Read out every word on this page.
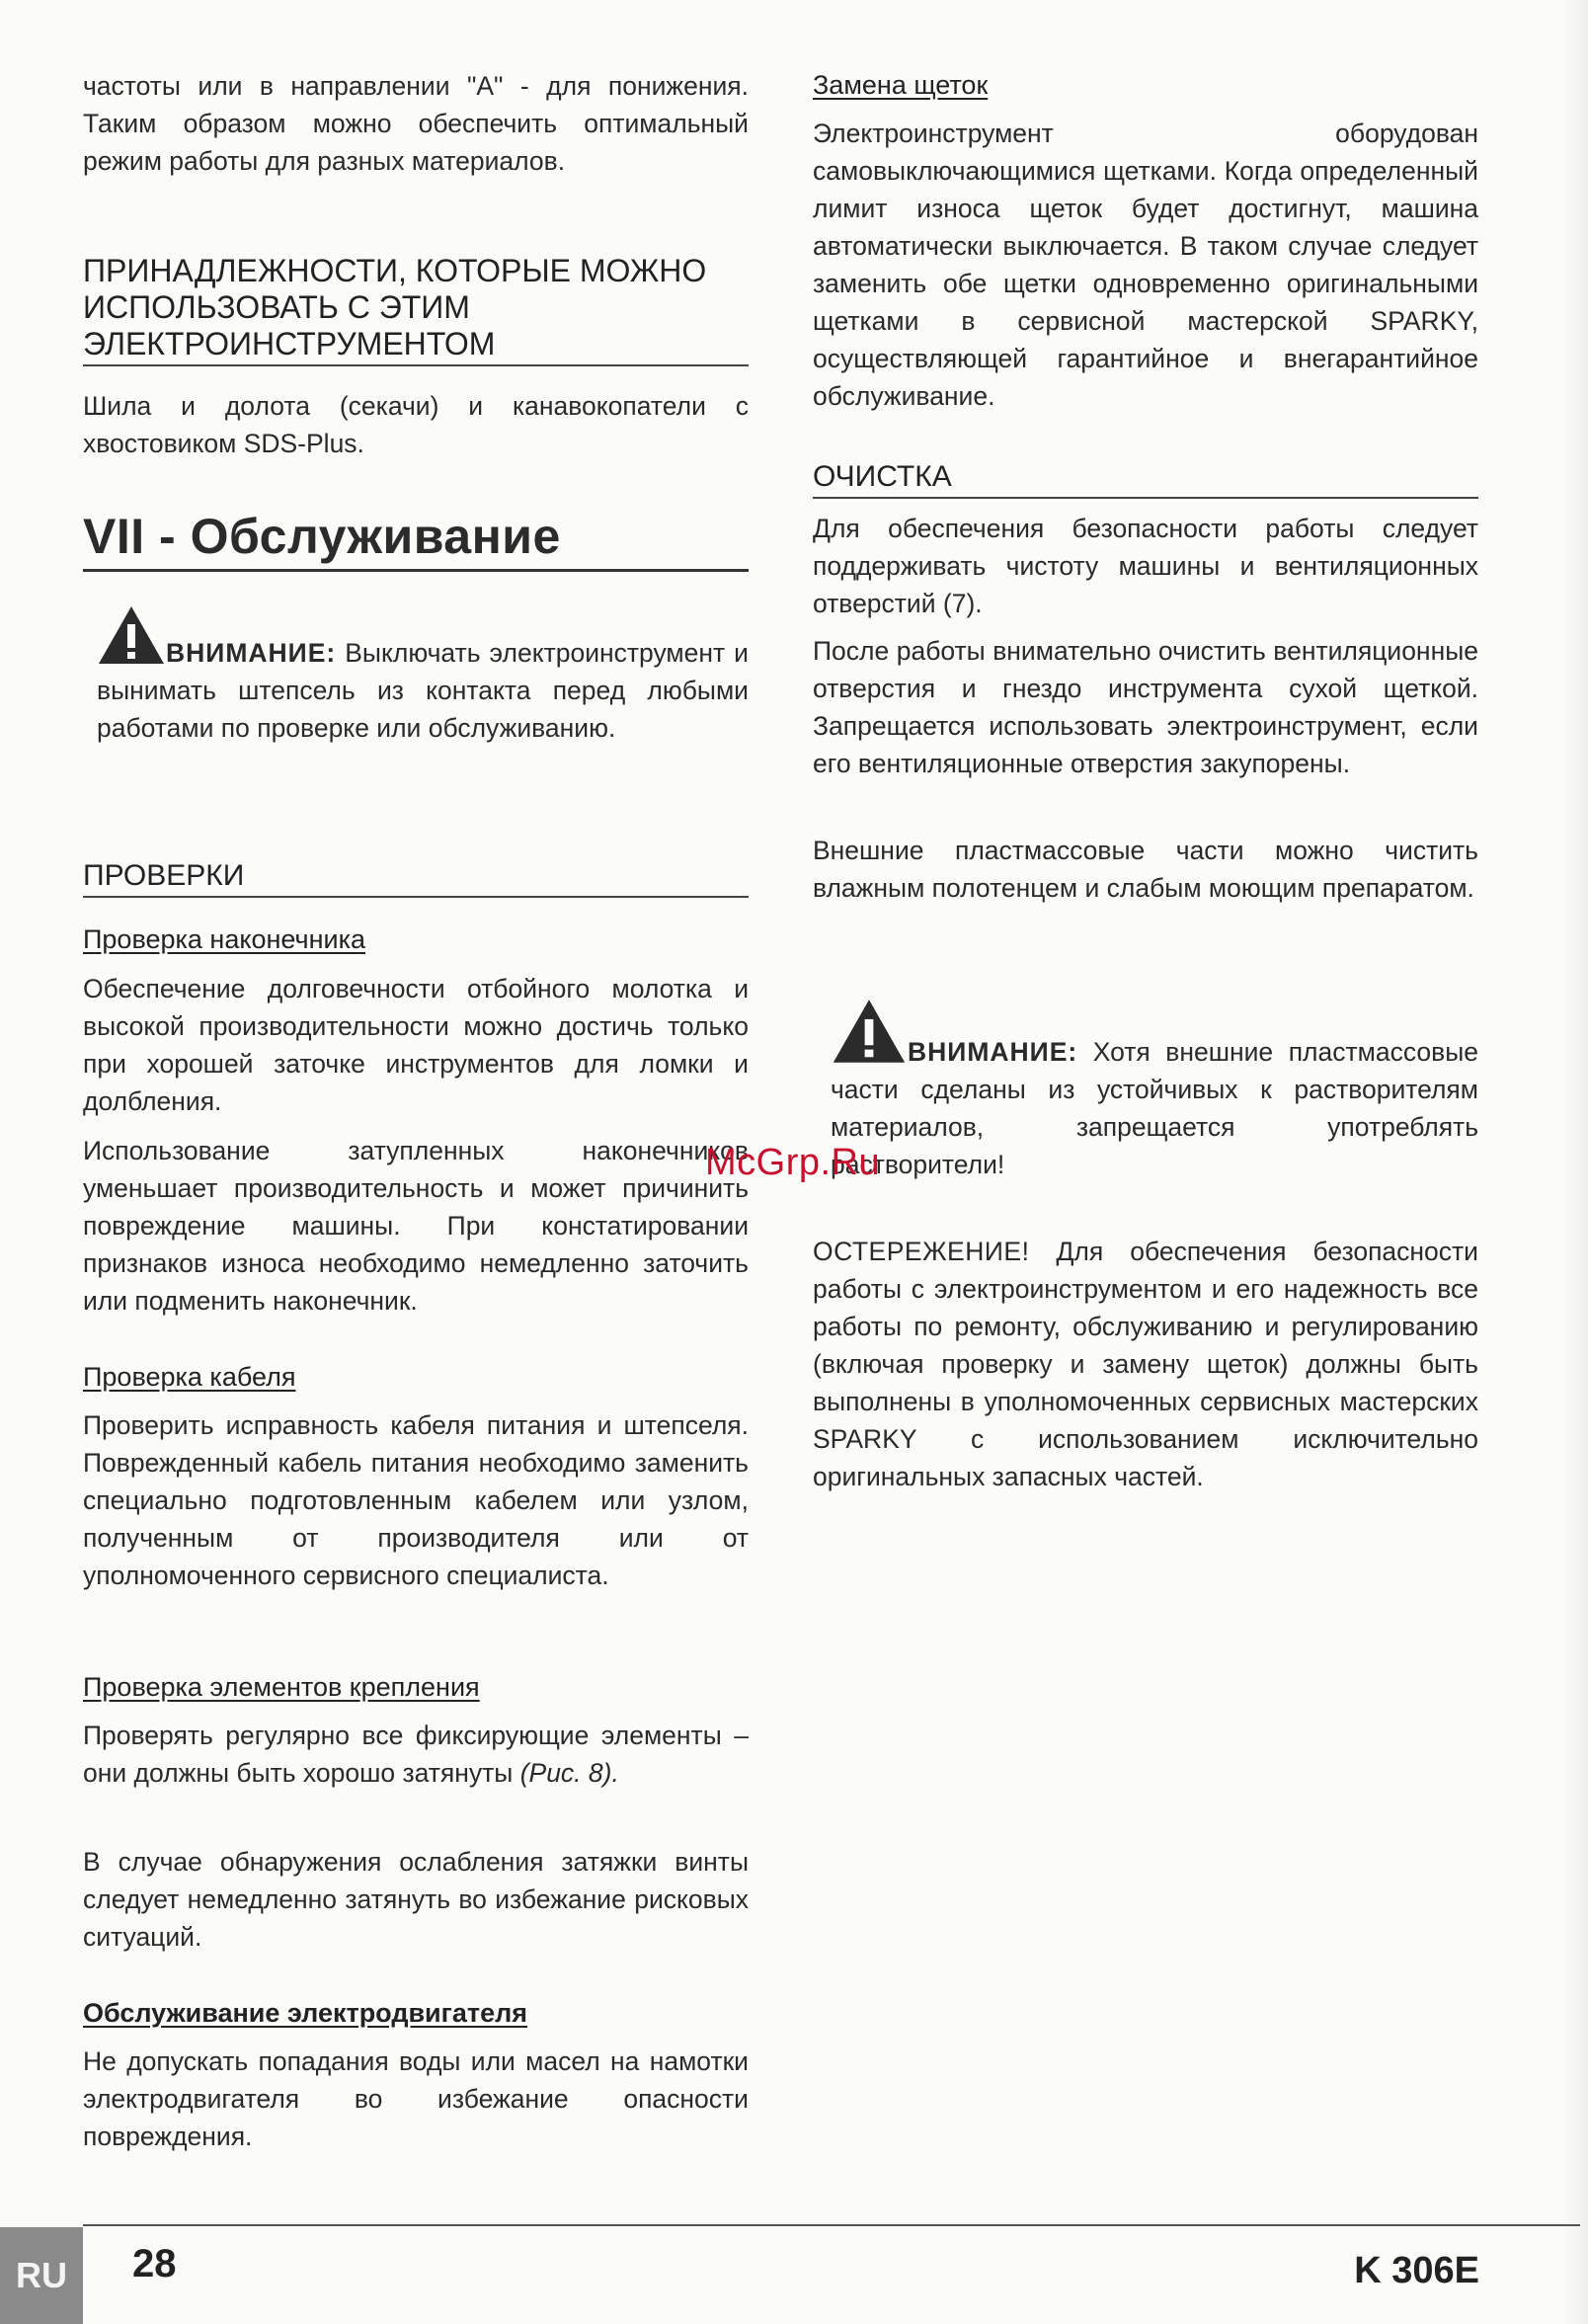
частоты или в направлении "А" - для понижения. Таким образом можно обеспечить оптимальный режим работы для разных материалов.

ПРИНАДЛЕЖНОСТИ, КОТОРЫЕ МОЖНО ИСПОЛЬЗОВАТЬ С ЭТИМ ЭЛЕКТРОИНСТРУМЕНТОМ

Шила и долота (секачи) и канавокопатели с хвостовиком SDS-Plus.

VII - Обслуживание

ВНИМАНИЕ: Выключать электроинструмент и вынимать штепсель из контакта перед любыми работами по проверке или обслуживанию.

ПРОВЕРКИ
Проверка наконечника

Обеспечение долговечности отбойного молотка и высокой производительности можно достичь только при хорошей заточке инструментов для ломки и долбления.

Использование затупленных наконечников уменьшает производительность и может причинить повреждение машины. При констатировании признаков износа необходимо немедленно заточить или подменить наконечник.

Проверка кабеля

Проверить исправность кабеля питания и штепселя. Поврежденный кабель питания необходимо заменить специально подготовленным кабелем или узлом, полученным от производителя или от уполномоченного сервисного специалиста.

Проверка элементов крепления

Проверять регулярно все фиксирующие элементы – они должны быть хорошо затянуты (Рис. 8).

В случае обнаружения ослабления затяжки винты следует немедленно затянуть во избежание рисковых ситуаций.

Обслуживание электродвигателя

Не допускать попадания воды или масел на намотки электродвигателя во избежание опасности повреждения.

Замена щеток

Электроинструмент оборудован самовыключающимися щетками. Когда определенный лимит износа щеток будет достигнут, машина автоматически выключается. В таком случае следует заменить обе щетки одновременно оригинальными щетками в сервисной мастерской SPARKY, осуществляющей гарантийное и внегарантийное обслуживание.

ОЧИСТКА

Для обеспечения безопасности работы следует поддерживать чистоту машины и вентиляционных отверстий (7).

После работы внимательно очистить вентиляционные отверстия и гнездо инструмента сухой щеткой. Запрещается использовать электроинструмент, если его вентиляционные отверстия закупорены.

Внешние пластмассовые части можно чистить влажным полотенцем и слабым моющим препаратом.

ВНИМАНИЕ: Хотя внешние пластмассовые части сделаны из устойчивых к растворителям материалов, запрещается употреблять растворители!

ОСТЕРЕЖЕНИЕ! Для обеспечения безопасности работы с электроинструментом и его надежность все работы по ремонту, обслуживанию и регулированию (включая проверку и замену щеток) должны быть выполнены в уполномоченных сервисных мастерских SPARKY с использованием исключительно оригинальных запасных частей.

McGrp.Ru
RU	28	K 306E
